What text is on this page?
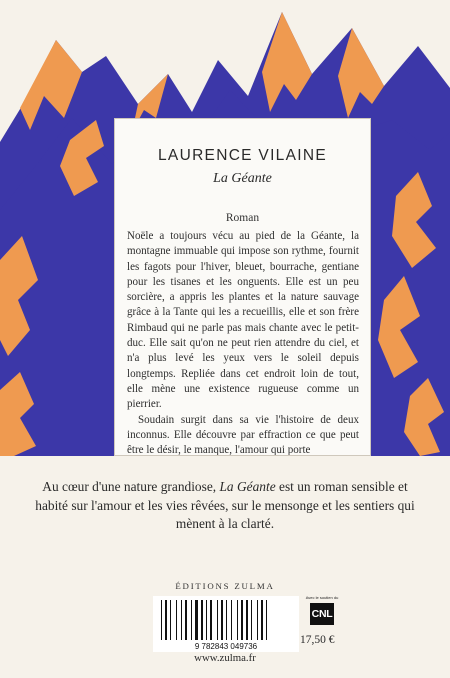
LAURENCE VILAINE
La Géante
Roman

Noële a toujours vécu au pied de la Géante, la montagne immuable qui impose son rythme, fournit les fagots pour l'hiver, bleuet, bourrache, gentiane pour les tisanes et les onguents. Elle est un peu sorcière, a appris les plantes et la nature sauvage grâce à la Tante qui les a recueillis, elle et son frère Rimbaud qui ne parle pas mais chante avec le petit-duc. Elle sait qu'on ne peut rien attendre du ciel, et n'a plus levé les yeux vers le soleil depuis longtemps. Repliée dans cet endroit loin de tout, elle mène une existence rugueuse comme un pierrier.

Soudain surgit dans sa vie l'histoire de deux inconnus. Elle découvre par effraction ce que peut être le désir, le manque, l'amour qui porte

Au cœur d'une nature grandiose, La Géante est un roman sensible et habité sur l'amour et les vies rêvées, sur le mensonge et les sentiers qui mènent à la clarté.
ÉDITIONS ZULMA
9 782843 049736
Avec le soutien du
CNL
17,50 €
www.zulma.fr
